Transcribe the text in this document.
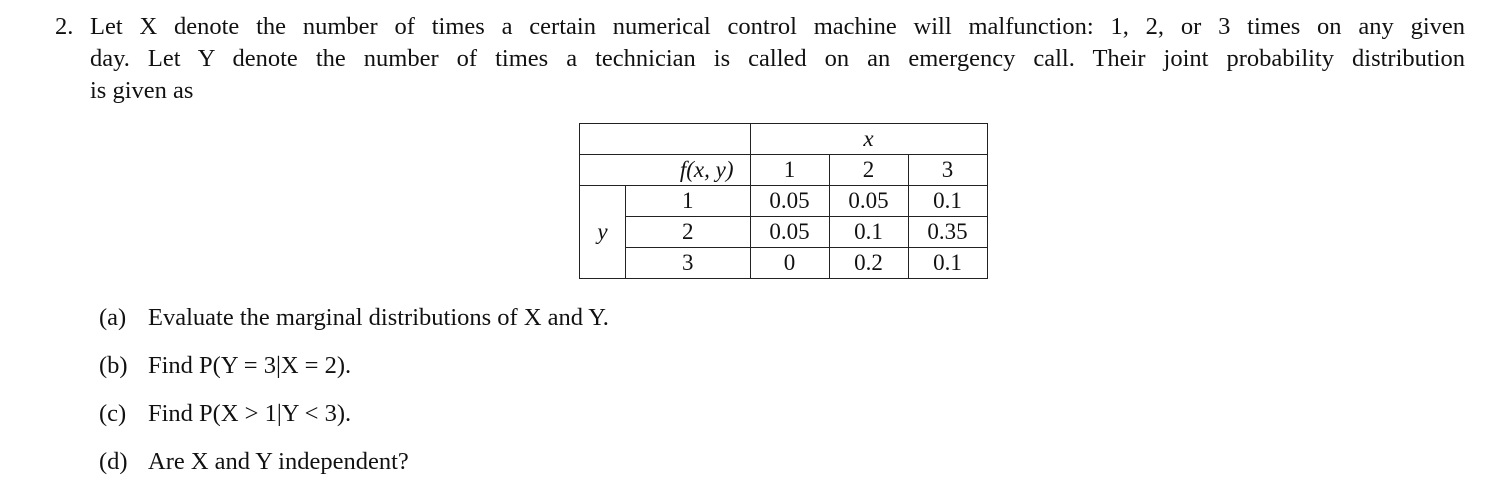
2. Let X denote the number of times a certain numerical control machine will malfunction: 1, 2, or 3 times on any given
day. Let Y denote the number of times a technician is called on an emergency call. Their joint probability distribution
is given as
		x		
	f(x, y)	1	2	3
y	1	0.05	0.05	0.1
	2	0.05	0.1	0.35
	3	0	0.2	0.1
(a) Evaluate the marginal distributions of X and Y.
(b) Find P(Y = 3|X = 2).
(c) Find P(X > 1|Y < 3).
(d) Are X and Y independent?
